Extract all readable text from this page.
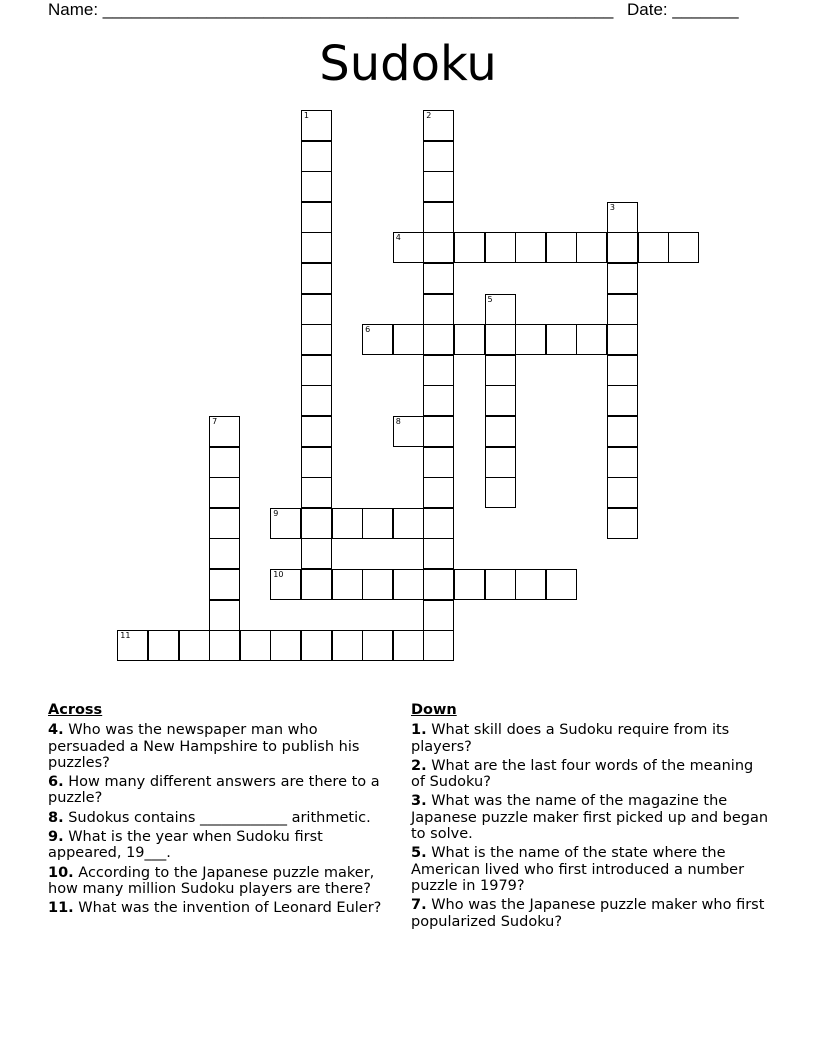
Name: ______________________________________________________ Date: _______
Sudoku
1	2
3
4
5
6
7	8
9
10
11
Across
4. Who was the newspaper man who persuaded a New Hampshire to publish his puzzles?
6. How many different answers are there to a puzzle?
8. Sudokus contains ____________ arithmetic.
9. What is the year when Sudoku first appeared, 19___.
10. According to the Japanese puzzle maker, how many million Sudoku players are there?
11. What was the invention of Leonard Euler?
Down
1. What skill does a Sudoku require from its players?
2. What are the last four words of the meaning of Sudoku?
3. What was the name of the magazine the Japanese puzzle maker first picked up and began to solve.
5. What is the name of the state where the American lived who first introduced a number puzzle in 1979?
7. Who was the Japanese puzzle maker who first popularized Sudoku?
